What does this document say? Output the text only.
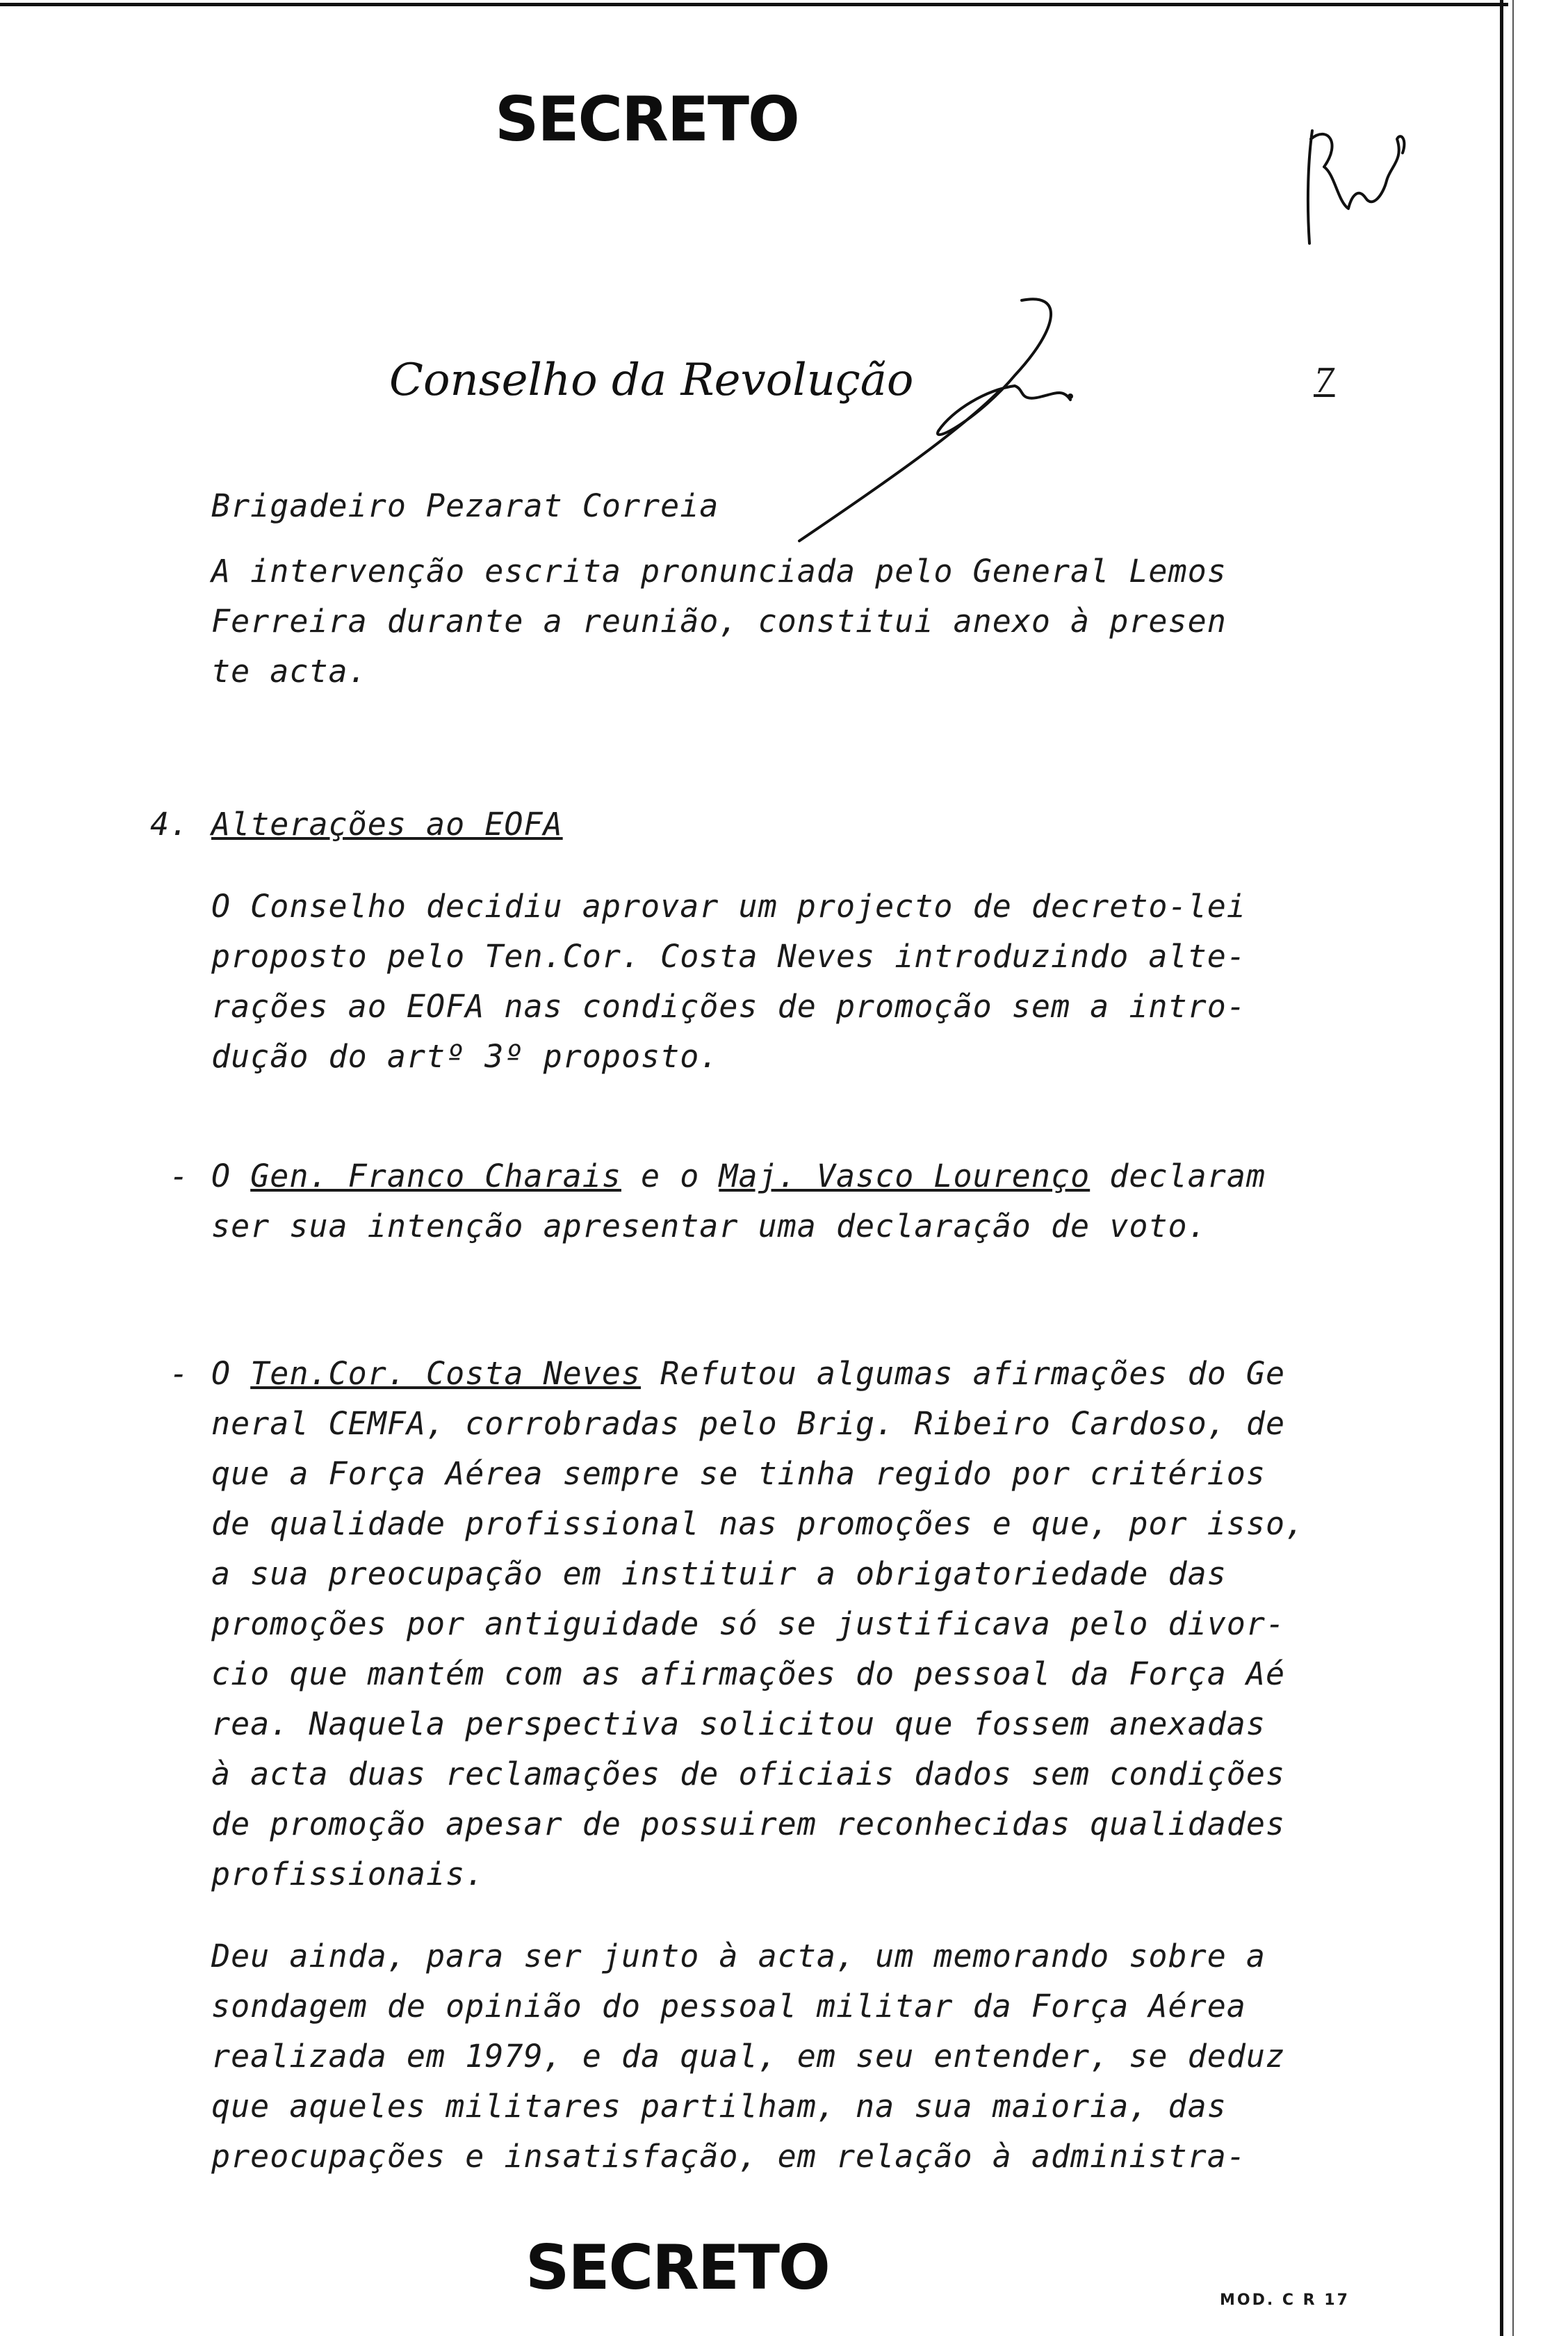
SECRETO
Conselho da Revolução	7
Brigadeiro Pezarat Correia
A intervenção escrita pronunciada pelo General Lemos
Ferreira durante a reunião, constitui anexo à presen
te acta.
4. Alterações ao EOFA
O Conselho decidiu aprovar um projecto de decreto-lei
proposto pelo Ten.Cor. Costa Neves introduzindo alte-
rações ao EOFA nas condições de promoção sem a intro-
dução do artº 3º proposto.
- O Gen. Franco Charais e o Maj. Vasco Lourenço declaram
ser sua intenção apresentar uma declaração de voto.
- O Ten.Cor. Costa Neves Refutou algumas afirmações do Ge
neral CEMFA, corrobradas pelo Brig. Ribeiro Cardoso, de
que a Força Aérea sempre se tinha regido por critérios
de qualidade profissional nas promoções e que, por isso,
a sua preocupação em instituir a obrigatoriedade das
promoções por antiguidade só se justificava pelo divor-
cio que mantém com as afirmações do pessoal da Força Aé
rea. Naquela perspectiva solicitou que fossem anexadas
à acta duas reclamações de oficiais dados sem condições
de promoção apesar de possuirem reconhecidas qualidades
profissionais.
Deu ainda, para ser junto à acta, um memorando sobre a
sondagem de opinião do pessoal militar da Força Aérea
realizada em 1979, e da qual, em seu entender, se deduz
que aqueles militares partilham, na sua maioria, das
preocupações e insatisfação, em relação à administra-
SECRETO	MOD. C R 17
